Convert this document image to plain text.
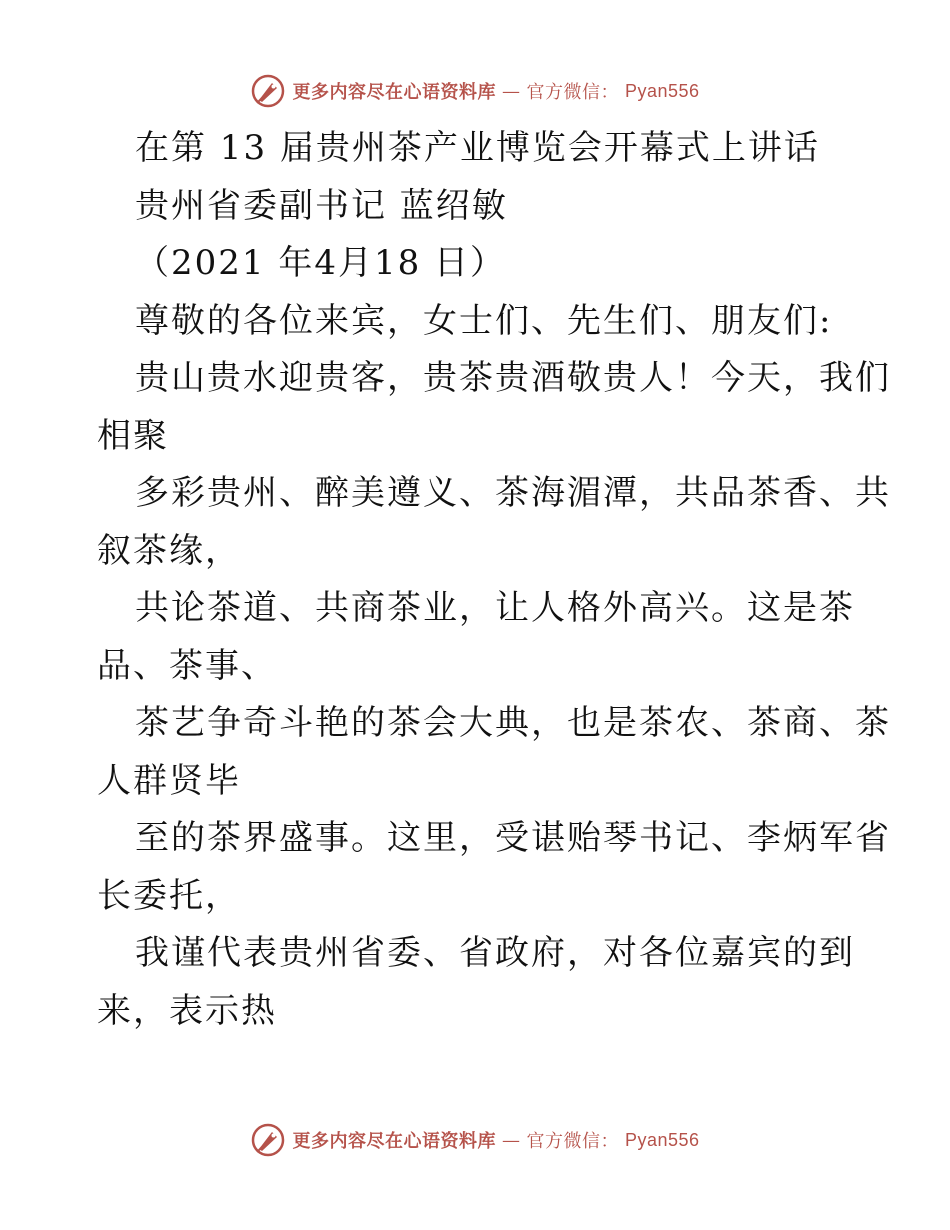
更多内容尽在心语资料库 — 官方微信： Pyan556
在第 13 届贵州茶产业博览会开幕式上讲话
贵州省委副书记 蓝绍敏
（2021 年4月18 日）
尊敬的各位来宾，女士们、先生们、朋友们:
贵山贵水迎贵客，贵茶贵酒敬贵人！今天，我们
相聚
多彩贵州、醉美遵义、茶海湄潭，共品茶香、共
叙茶缘，
共论茶道、共商茶业，让人格外高兴。这是茶
品、茶事、
茶艺争奇斗艳的茶会大典，也是茶农、茶商、茶
人群贤毕
至的茶界盛事。这里，受谌贻琴书记、李炳军省
长委托，
我谨代表贵州省委、省政府，对各位嘉宾的到
来，表示热
更多内容尽在心语资料库 — 官方微信： Pyan556
